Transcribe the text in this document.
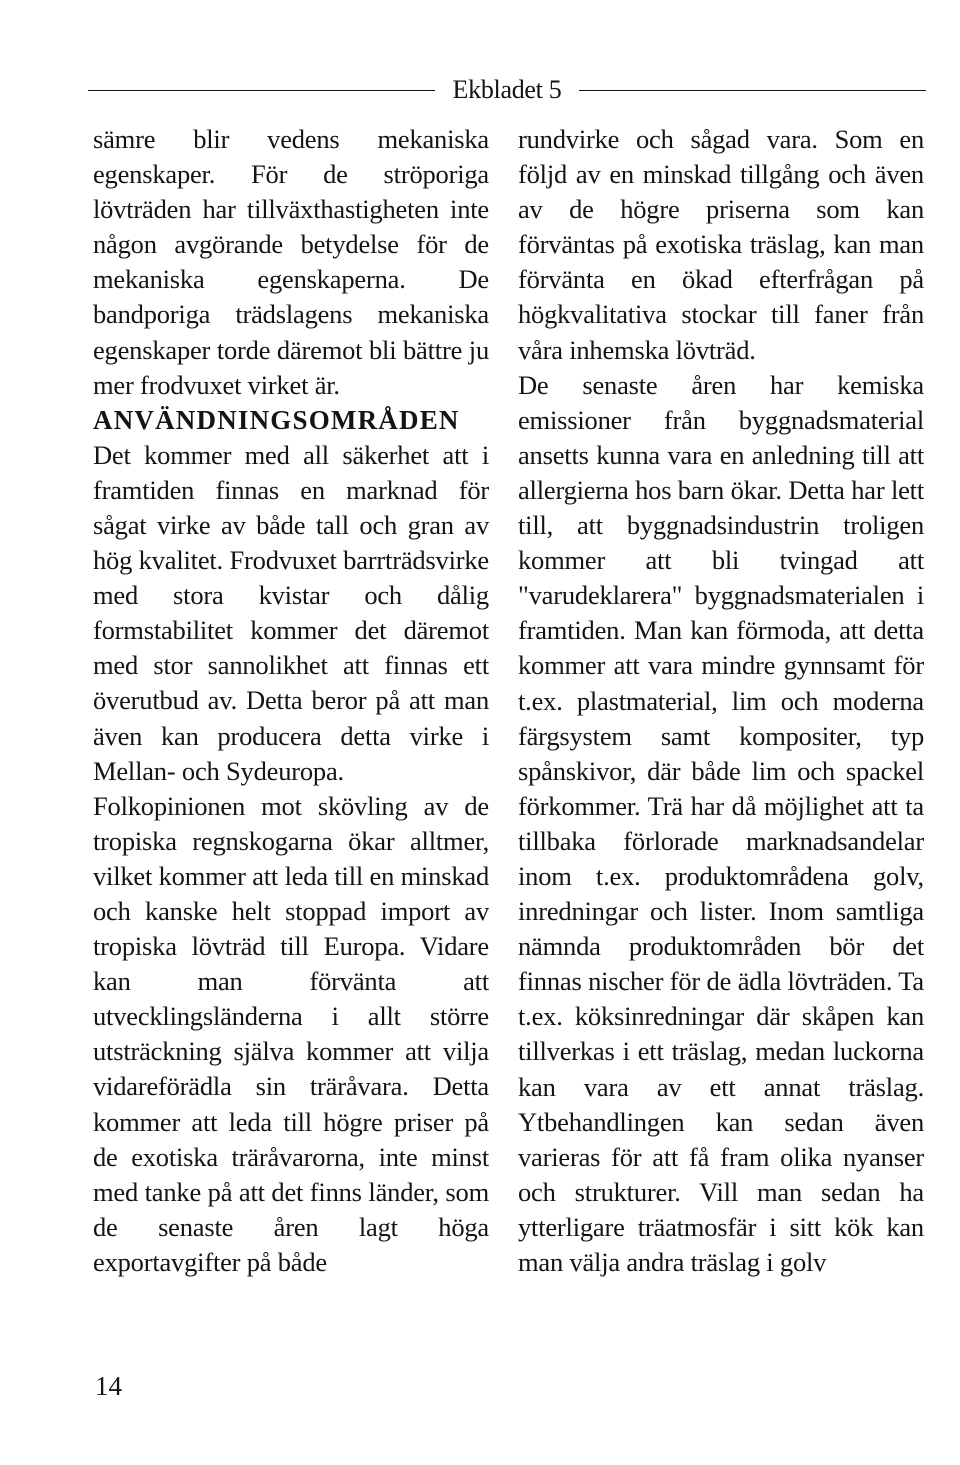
Ekbladet 5

sämre blir vedens mekaniska egenskaper. För de ströporiga lövträden har tillväxthastigheten inte någon avgörande betydelse för de mekaniska egenskaperna. De bandporiga trädslagens mekaniska egenskaper torde däremot bli bättre ju mer frodvuxet virket är.

ANVÄNDNINGSOMRÅDEN

Det kommer med all säkerhet att i framtiden finnas en marknad för sågat virke av både tall och gran av hög kvalitet. Frodvuxet barrträdsvirke med stora kvistar och dålig formstabilitet kommer det däremot med stor sannolikhet att finnas ett överutbud av. Detta beror på att man även kan producera detta virke i Mellan- och Sydeuropa.

Folkopinionen mot skövling av de tropiska regnskogarna ökar alltmer, vilket kommer att leda till en minskad och kanske helt stoppad import av tropiska lövträd till Europa. Vidare kan man förvänta att utvecklingsländerna i allt större utsträckning själva kommer att vilja vidareförädla sin träråvara. Detta kommer att leda till högre priser på de exotiska träråvarorna, inte minst med tanke på att det finns länder, som de senaste åren lagt höga exportavgifter på både

rundvirke och sågad vara. Som en följd av en minskad tillgång och även av de högre priserna som kan förväntas på exotiska träslag, kan man förvänta en ökad efterfrågan på högkvalitativa stockar till faner från våra inhemska lövträd.

De senaste åren har kemiska emissioner från byggnadsmaterial ansetts kunna vara en anledning till att allergierna hos barn ökar. Detta har lett till, att byggnadsindustrin troligen kommer att bli tvingad att "varudeklarera" byggnadsmaterialen i framtiden. Man kan förmoda, att detta kommer att vara mindre gynnsamt för t.ex. plastmaterial, lim och moderna färgsystem samt kompositer, typ spånskivor, där både lim och spackel förkommer. Trä har då möjlighet att ta tillbaka förlorade marknadsandelar inom t.ex. produktområdena golv, inredningar och lister. Inom samtliga nämnda produktområden bör det finnas nischer för de ädla lövträden. Ta t.ex. köksinredningar där skåpen kan tillverkas i ett träslag, medan luckorna kan vara av ett annat träslag. Ytbehandlingen kan sedan även varieras för att få fram olika nyanser och strukturer. Vill man sedan ha ytterligare träatmosfär i sitt kök kan man välja andra träslag i golv

14
